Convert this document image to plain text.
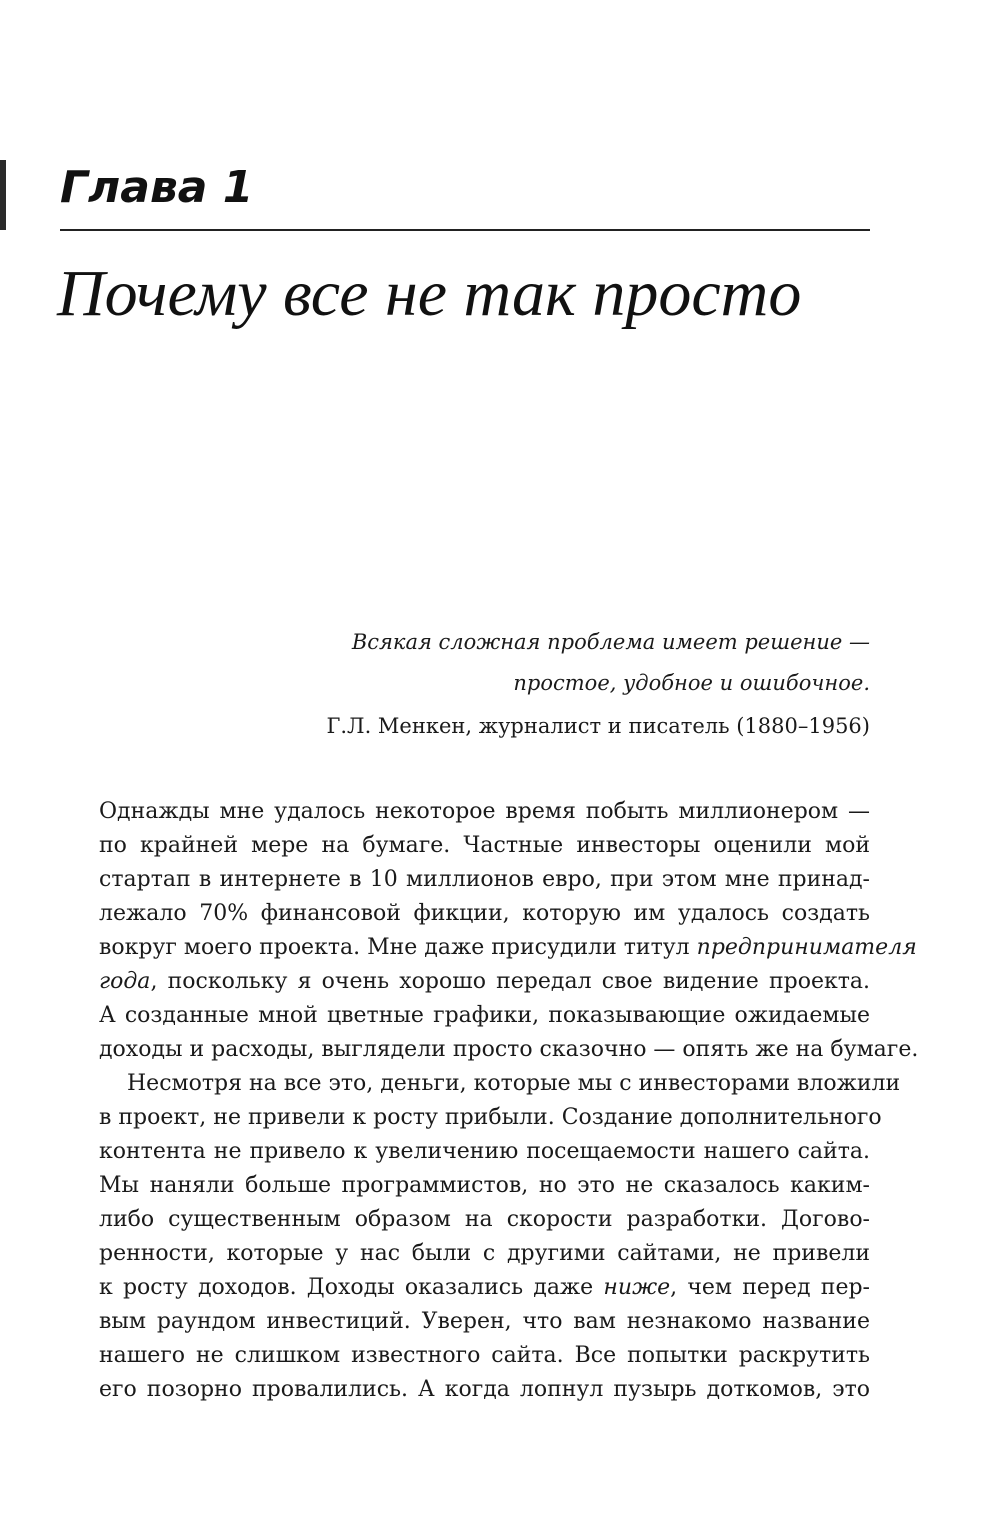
Глава 1
Почему все не так просто
Всякая сложная проблема имеет решение —
простое, удобное и ошибочное.
Г.Л. Менкен, журналист и писатель (1880–1956)
Однажды мне удалось некоторое время побыть миллионером —
по крайней мере на бумаге. Частные инвесторы оценили мой
стартап в интернете в 10 миллионов евро, при этом мне принад-
лежало 70% финансовой фикции, которую им удалось создать
вокруг моего проекта. Мне даже присудили титул предпринимателя
года, поскольку я очень хорошо передал свое видение проекта.
А созданные мной цветные графики, показывающие ожидаемые
доходы и расходы, выглядели просто сказочно — опять же на бумаге.
Несмотря на все это, деньги, которые мы с инвесторами вложили
в проект, не привели к росту прибыли. Создание дополнительного
контента не привело к увеличению посещаемости нашего сайта.
Мы наняли больше программистов, но это не сказалось каким-
либо существенным образом на скорости разработки. Догово-
ренности, которые у нас были с другими сайтами, не привели
к росту доходов. Доходы оказались даже ниже, чем перед пер-
вым раундом инвестиций. Уверен, что вам незнакомо название
нашего не слишком известного сайта. Все попытки раскрутить
его позорно провалились. А когда лопнул пузырь доткомов, это
